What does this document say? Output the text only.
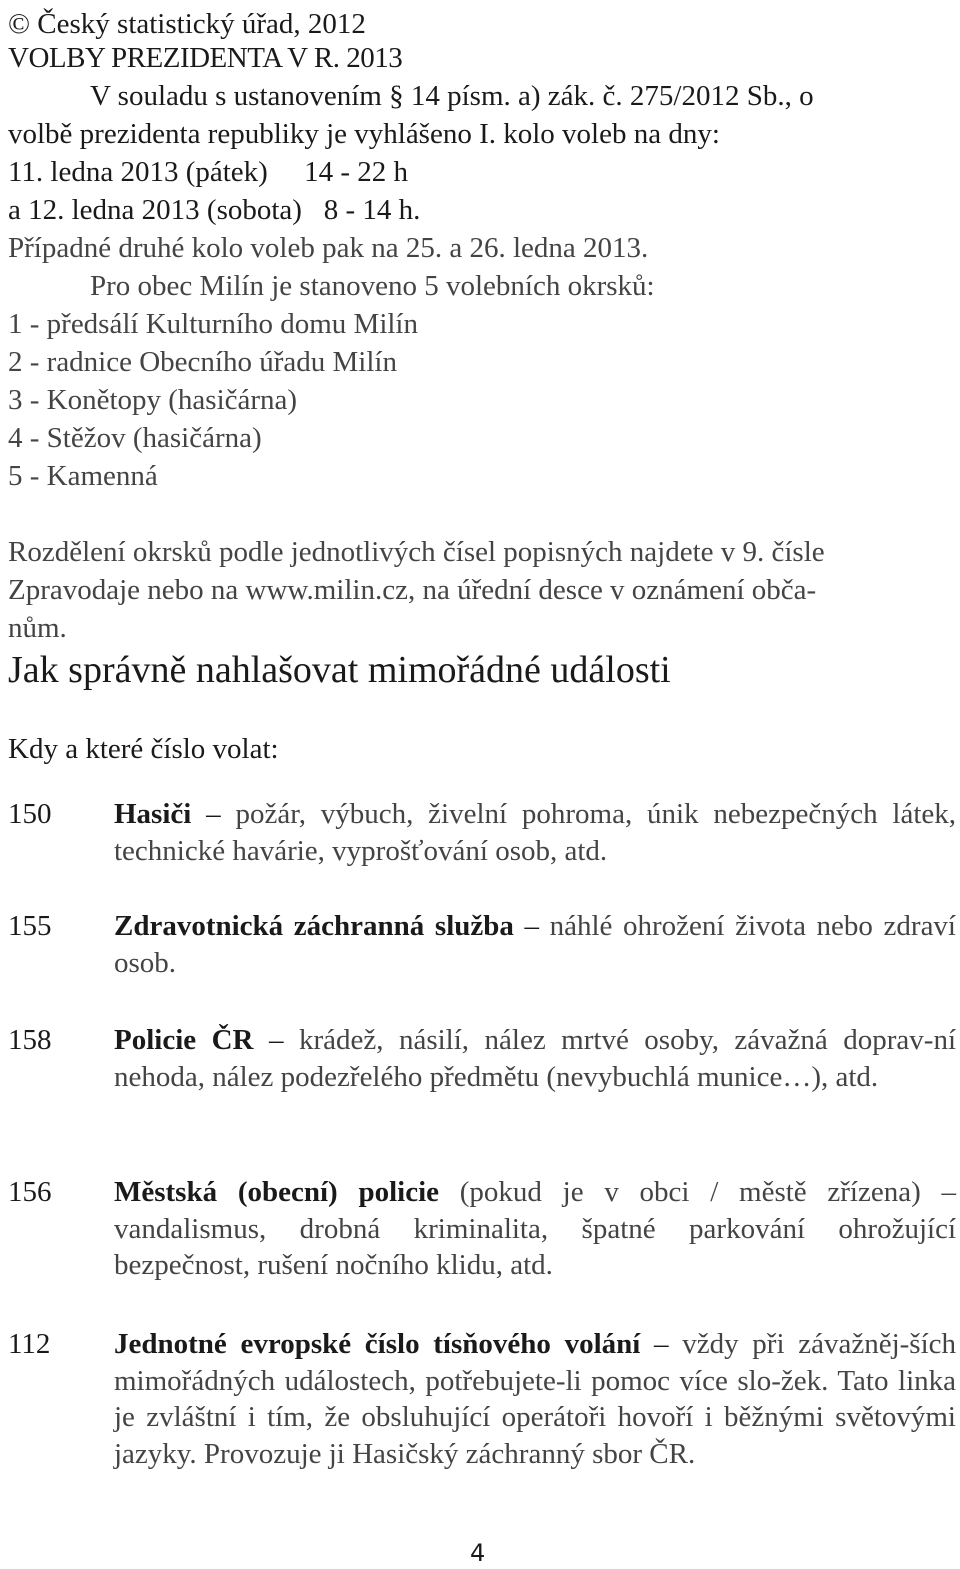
© Český statistický úřad, 2012
VOLBY PREZIDENTA V R. 2013
V souladu s ustanovením § 14 písm. a) zák. č. 275/2012 Sb., o
volbě prezidenta republiky je vyhlášeno I. kolo voleb na dny:
11. ledna 2013 (pátek)     14 - 22 h
a 12. ledna 2013 (sobota)   8 - 14 h.
Případné druhé kolo voleb pak na 25. a 26. ledna 2013.
Pro obec Milín je stanoveno 5 volebních okrsků:
1 - předsálí Kulturního domu Milín
2 - radnice Obecního úřadu Milín
3 - Konětopy (hasičárna)
4 - Stěžov (hasičárna)
5 - Kamenná
Rozdělení okrsků podle jednotlivých čísel popisných najdete v 9. čísle
Zpravodaje nebo na www.milin.cz, na úřední desce v oznámení obča-
nům.
Jak správně nahlašovat mimořádné události
Kdy a které číslo volat:
150	Hasiči – požár, výbuch, živelní pohroma, únik nebezpečných látek, technické havárie, vyprošťování osob, atd.
155	Zdravotnická záchranná služba – náhlé ohrožení života nebo zdraví osob.
158	Policie ČR – krádež, násilí, nález mrtvé osoby, závažná doprav-ní nehoda, nález podezřelého předmětu (nevybuchlá munice…), atd.
156	Městská (obecní) policie (pokud je v obci / městě zřízena) – vandalismus, drobná kriminalita, špatné parkování ohrožující bezpečnost, rušení nočního klidu, atd.
112	Jednotné evropské číslo tísňového volání – vždy při závažněj-ších mimořádných událostech, potřebujete-li pomoc více slo-žek. Tato linka je zvláštní i tím, že obsluhující operátoři hovoří i běžnými světovými jazyky. Provozuje ji Hasičský záchranný sbor ČR.
4
